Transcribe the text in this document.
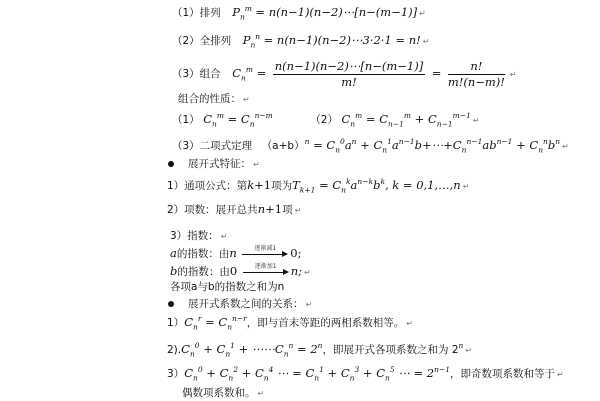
（1）排列 $P_n^m$ = n(n−1)(n−2)⋯[n−(m−1)] ↵
（2）全排列 $P_n^n$ = n(n−1)(n−2)⋯3·2·1 = n! ↵
（3）组合 $C_n^m = \frac{n(n-1)(n-2)\cdots[n-(m-1)]}{m!} = \frac{n!}{m!(n-m)!}$ ↵
组合的性质： ↵
（1） $C_n^m = C_n^{n-m}$	（2） $C_n^m = C_{n-1}^m$ + $C_{n-1}^{m-1}↵$
（3）二项式定理 $(a+b)^n = C_n^0a^n$ + $C_n^1a^{n-1}b+\cdots+C_n^{n-1}ab^{n-1}$ + $C_n^nb^n↵$
展开式特征： ↵
1）通项公式：第k+1项为$T_{k+1} = C_n^ka^{n-k}b^k$, k = 0,1,…,n ↵
2）项数：展开总共n+1项 ↵
3）指数： ↵
a的指数：由n	逐渐减1	0;
b的指数：由0	逐渐加1	n; ↵
各项a与b的指数之和为n
展开式系数之间的关系： ↵
$1)C_n^r = C_n^{n-r}$，即与首末等距的两相系数相等。 ↵
$2).C_n^0 + C_n^1$ + $\cdots\cdots C_n^n = 2^n$，即展开式各项系数之和为 2$^n$↵
$3)C_n^0 + C_n^2 + C_n^4$ ⋯ = $C_n^1 + C_n^3 + C_n^5$ ⋯ = $2^{n-1}$，即奇数项系数和等于 ↵
偶数项系数和。 ↵
